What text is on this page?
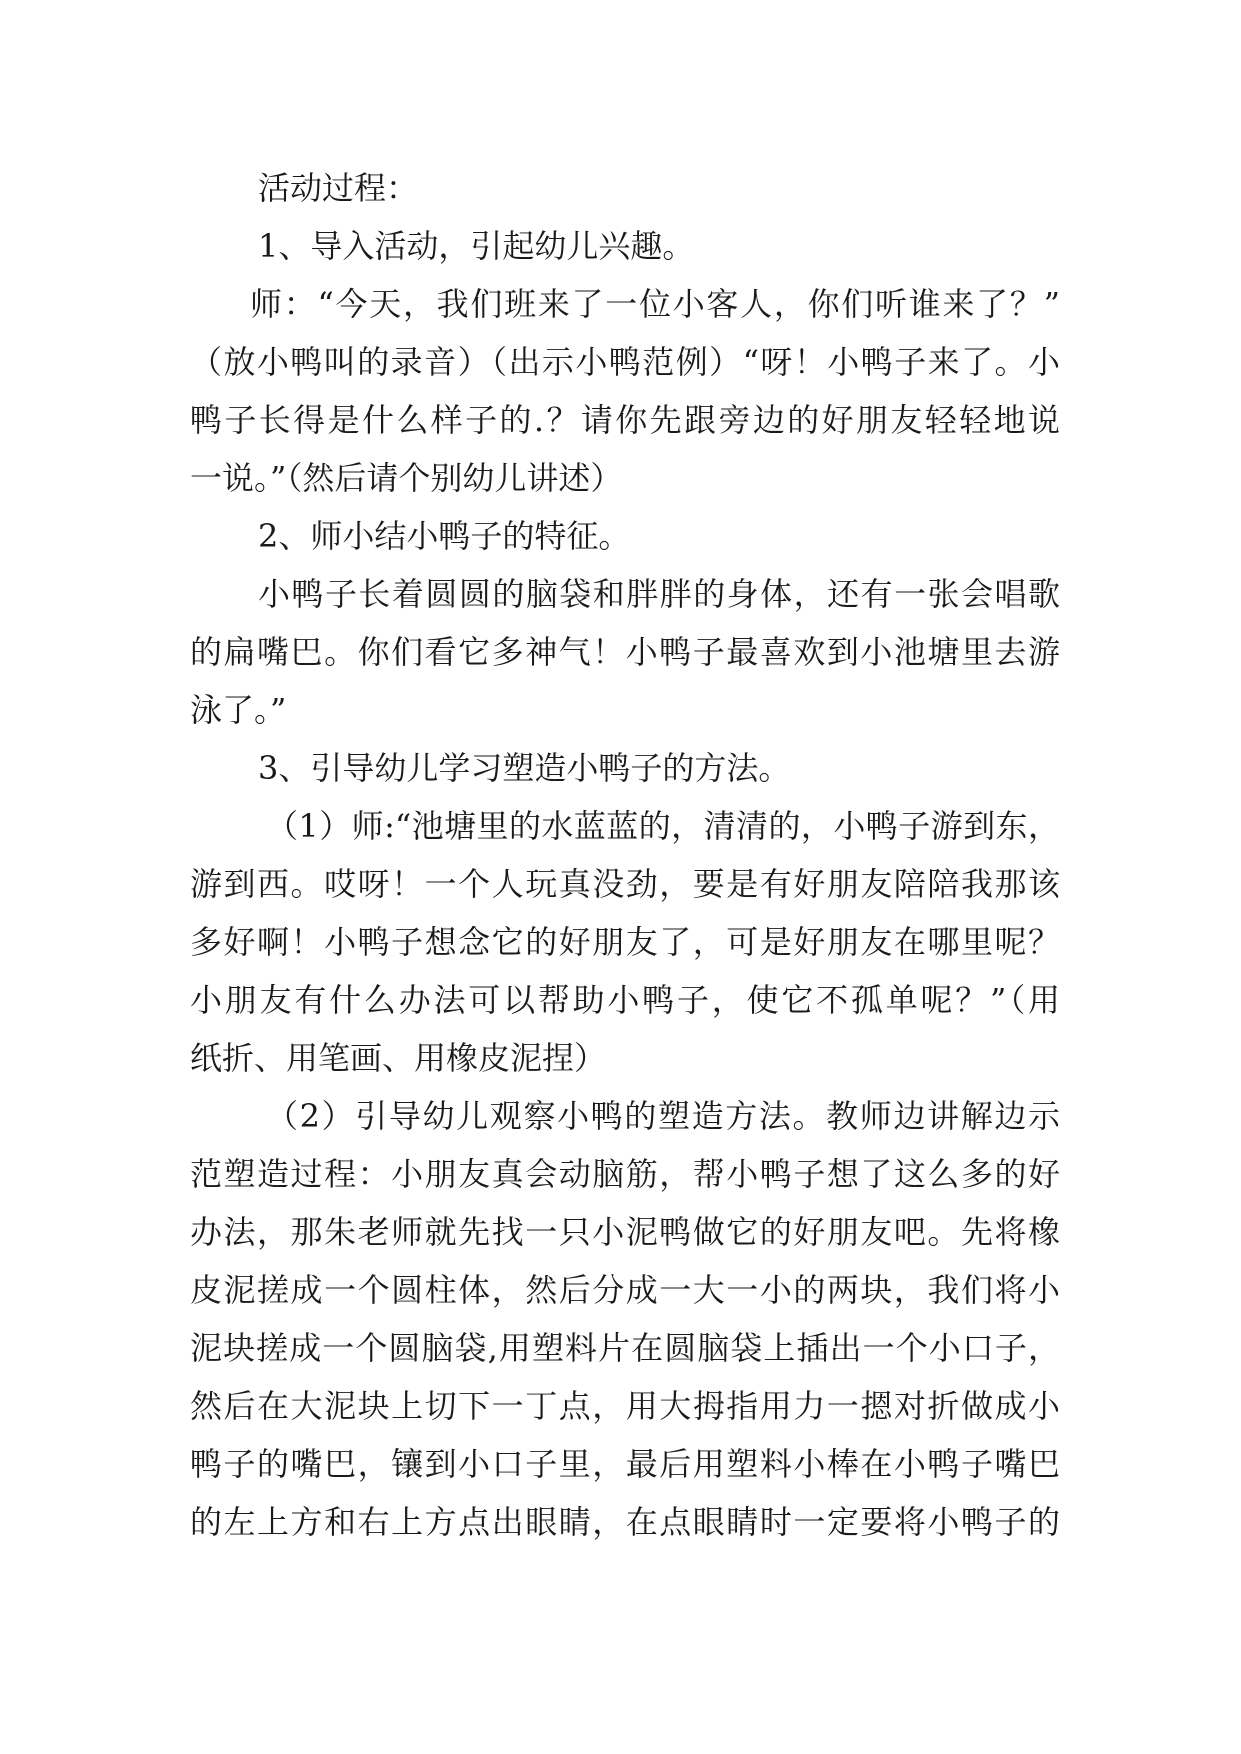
活动过程：
1、导入活动，引起幼儿兴趣。
师：“今天，我们班来了一位小客人，你们听谁来了？”
（放小鸭叫的录音）（出示小鸭范例）“呀！小鸭子来了。小
鸭子长得是什么样子的.？请你先跟旁边的好朋友轻轻地说
一说。”（然后请个别幼儿讲述）
2、师小结小鸭子的特征。
小鸭子长着圆圆的脑袋和胖胖的身体，还有一张会唱歌
的扁嘴巴。你们看它多神气！小鸭子最喜欢到小池塘里去游
泳了。”
3、引导幼儿学习塑造小鸭子的方法。
（1）师:“池塘里的水蓝蓝的，清清的，小鸭子游到东，
游到西。哎呀！一个人玩真没劲，要是有好朋友陪陪我那该
多好啊！小鸭子想念它的好朋友了，可是好朋友在哪里呢？
小朋友有什么办法可以帮助小鸭子，使它不孤单呢？”（用
纸折、用笔画、用橡皮泥捏）
（2）引导幼儿观察小鸭的塑造方法。教师边讲解边示
范塑造过程：小朋友真会动脑筋，帮小鸭子想了这么多的好
办法，那朱老师就先找一只小泥鸭做它的好朋友吧。先将橡
皮泥搓成一个圆柱体，然后分成一大一小的两块，我们将小
泥块搓成一个圆脑袋,用塑料片在圆脑袋上插出一个小口子，
然后在大泥块上切下一丁点，用大拇指用力一摁对折做成小
鸭子的嘴巴，镶到小口子里，最后用塑料小棒在小鸭子嘴巴
的左上方和右上方点出眼睛，在点眼睛时一定要将小鸭子的
